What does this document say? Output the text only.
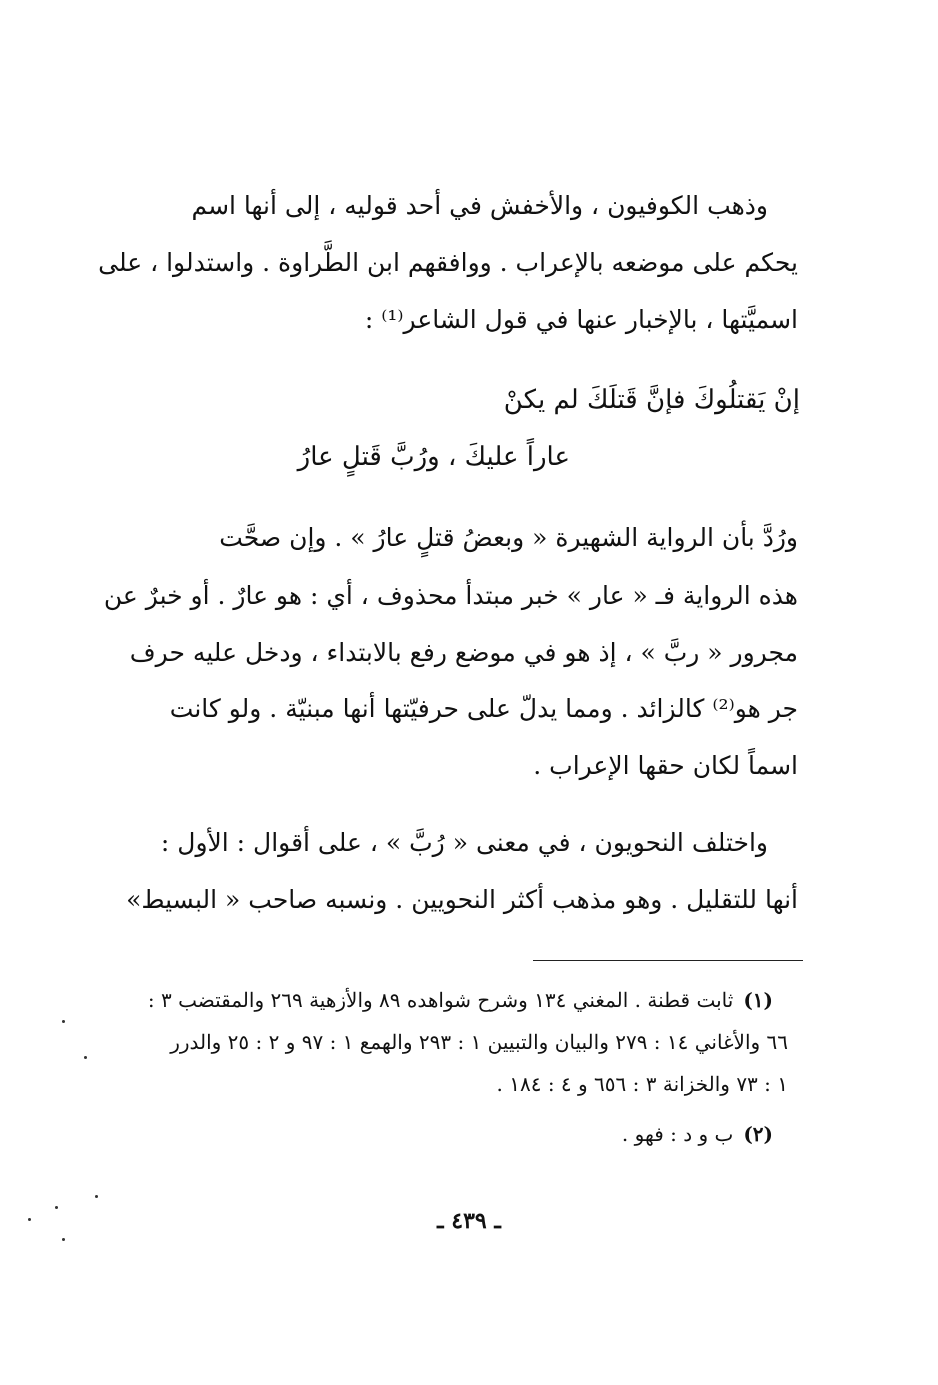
وذهب الكوفيون ، والأخفش في أحد قوليه ، إلى أنها اسم
يحكم على موضعه بالإعراب . ووافقهم ابن الطَّراوة . واستدلوا ، على
اسميَّتها ، بالإخبار عنها في قول الشاعر⁽¹⁾ :
إنْ يَقتلُوكَ فإنَّ قَتلَكَ لم يكنْ
عاراً عليكَ ، ورُبَّ قَتلٍ عارُ
ورُدَّ بأن الرواية الشهيرة « وبعضُ قتلٍ عارُ » . وإن صحَّت
هذه الرواية فـ « عار » خبر مبتدأ محذوف ، أي : هو عارٌ . أو خبرٌ عن
مجرور « ربَّ » ، إذ هو في موضع رفع بالابتداء ، ودخل عليه حرف
جر هو⁽²⁾ كالزائد . ومما يدلّ على حرفيّتها أنها مبنيّة . ولو كانت
اسماً لكان حقها الإعراب .
واختلف النحويون ، في معنى « رُبَّ » ، على أقوال : الأول :
أنها للتقليل . وهو مذهب أكثر النحويين . ونسبه صاحب « البسيط»
(١)ثابت قطنة . المغني ١٣٤ وشرح شواهده ٨٩ والأزهية ٢٦٩ والمقتضب ٣ :
٦٦ والأغاني ١٤ : ٢٧٩ والبيان والتبيين ١ : ٢٩٣ والهمع ١ : ٩٧ و ٢ : ٢٥ والدرر
١ : ٧٣ والخزانة ٣ : ٦٥٦ و ٤ : ١٨٤ .
(٢)ب و د : فهو .
ـ ٤٣٩ ـ
